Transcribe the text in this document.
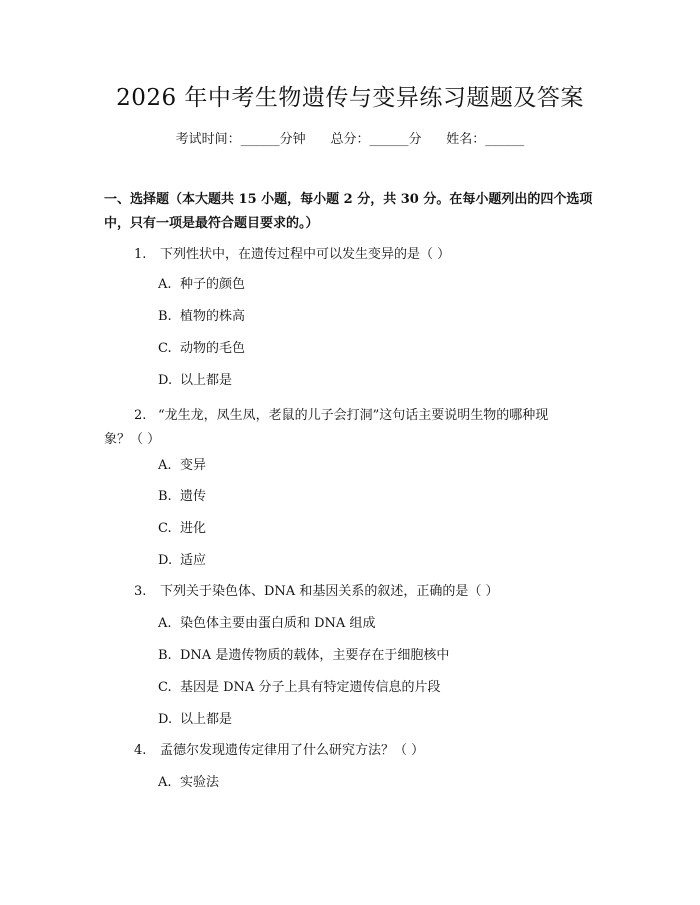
2026 年中考生物遗传与变异练习题题及答案
考试时间：______分钟 总分：______分 姓名：______
一、选择题（本大题共 15 小题，每小题 2 分，共 30 分。在每小题列出的四个选项中，只有一项是最符合题目要求的。）
1.	下列性状中，在遗传过程中可以发生变异的是（ ）
A. 种子的颜色
B. 植物的株高
C. 动物的毛色
D. 以上都是
2. “龙生龙，凤生凤，老鼠的儿子会打洞”这句话主要说明生物的哪种现
象？（ ）
A. 变异
B. 遗传
C. 进化
D. 适应
3.	下列关于染色体、DNA 和基因关系的叙述，正确的是（ ）
A. 染色体主要由蛋白质和 DNA 组成
B. DNA 是遗传物质的载体，主要存在于细胞核中
C. 基因是 DNA 分子上具有特定遗传信息的片段
D. 以上都是
4.	孟德尔发现遗传定律用了什么研究方法？（ ）
A. 实验法
